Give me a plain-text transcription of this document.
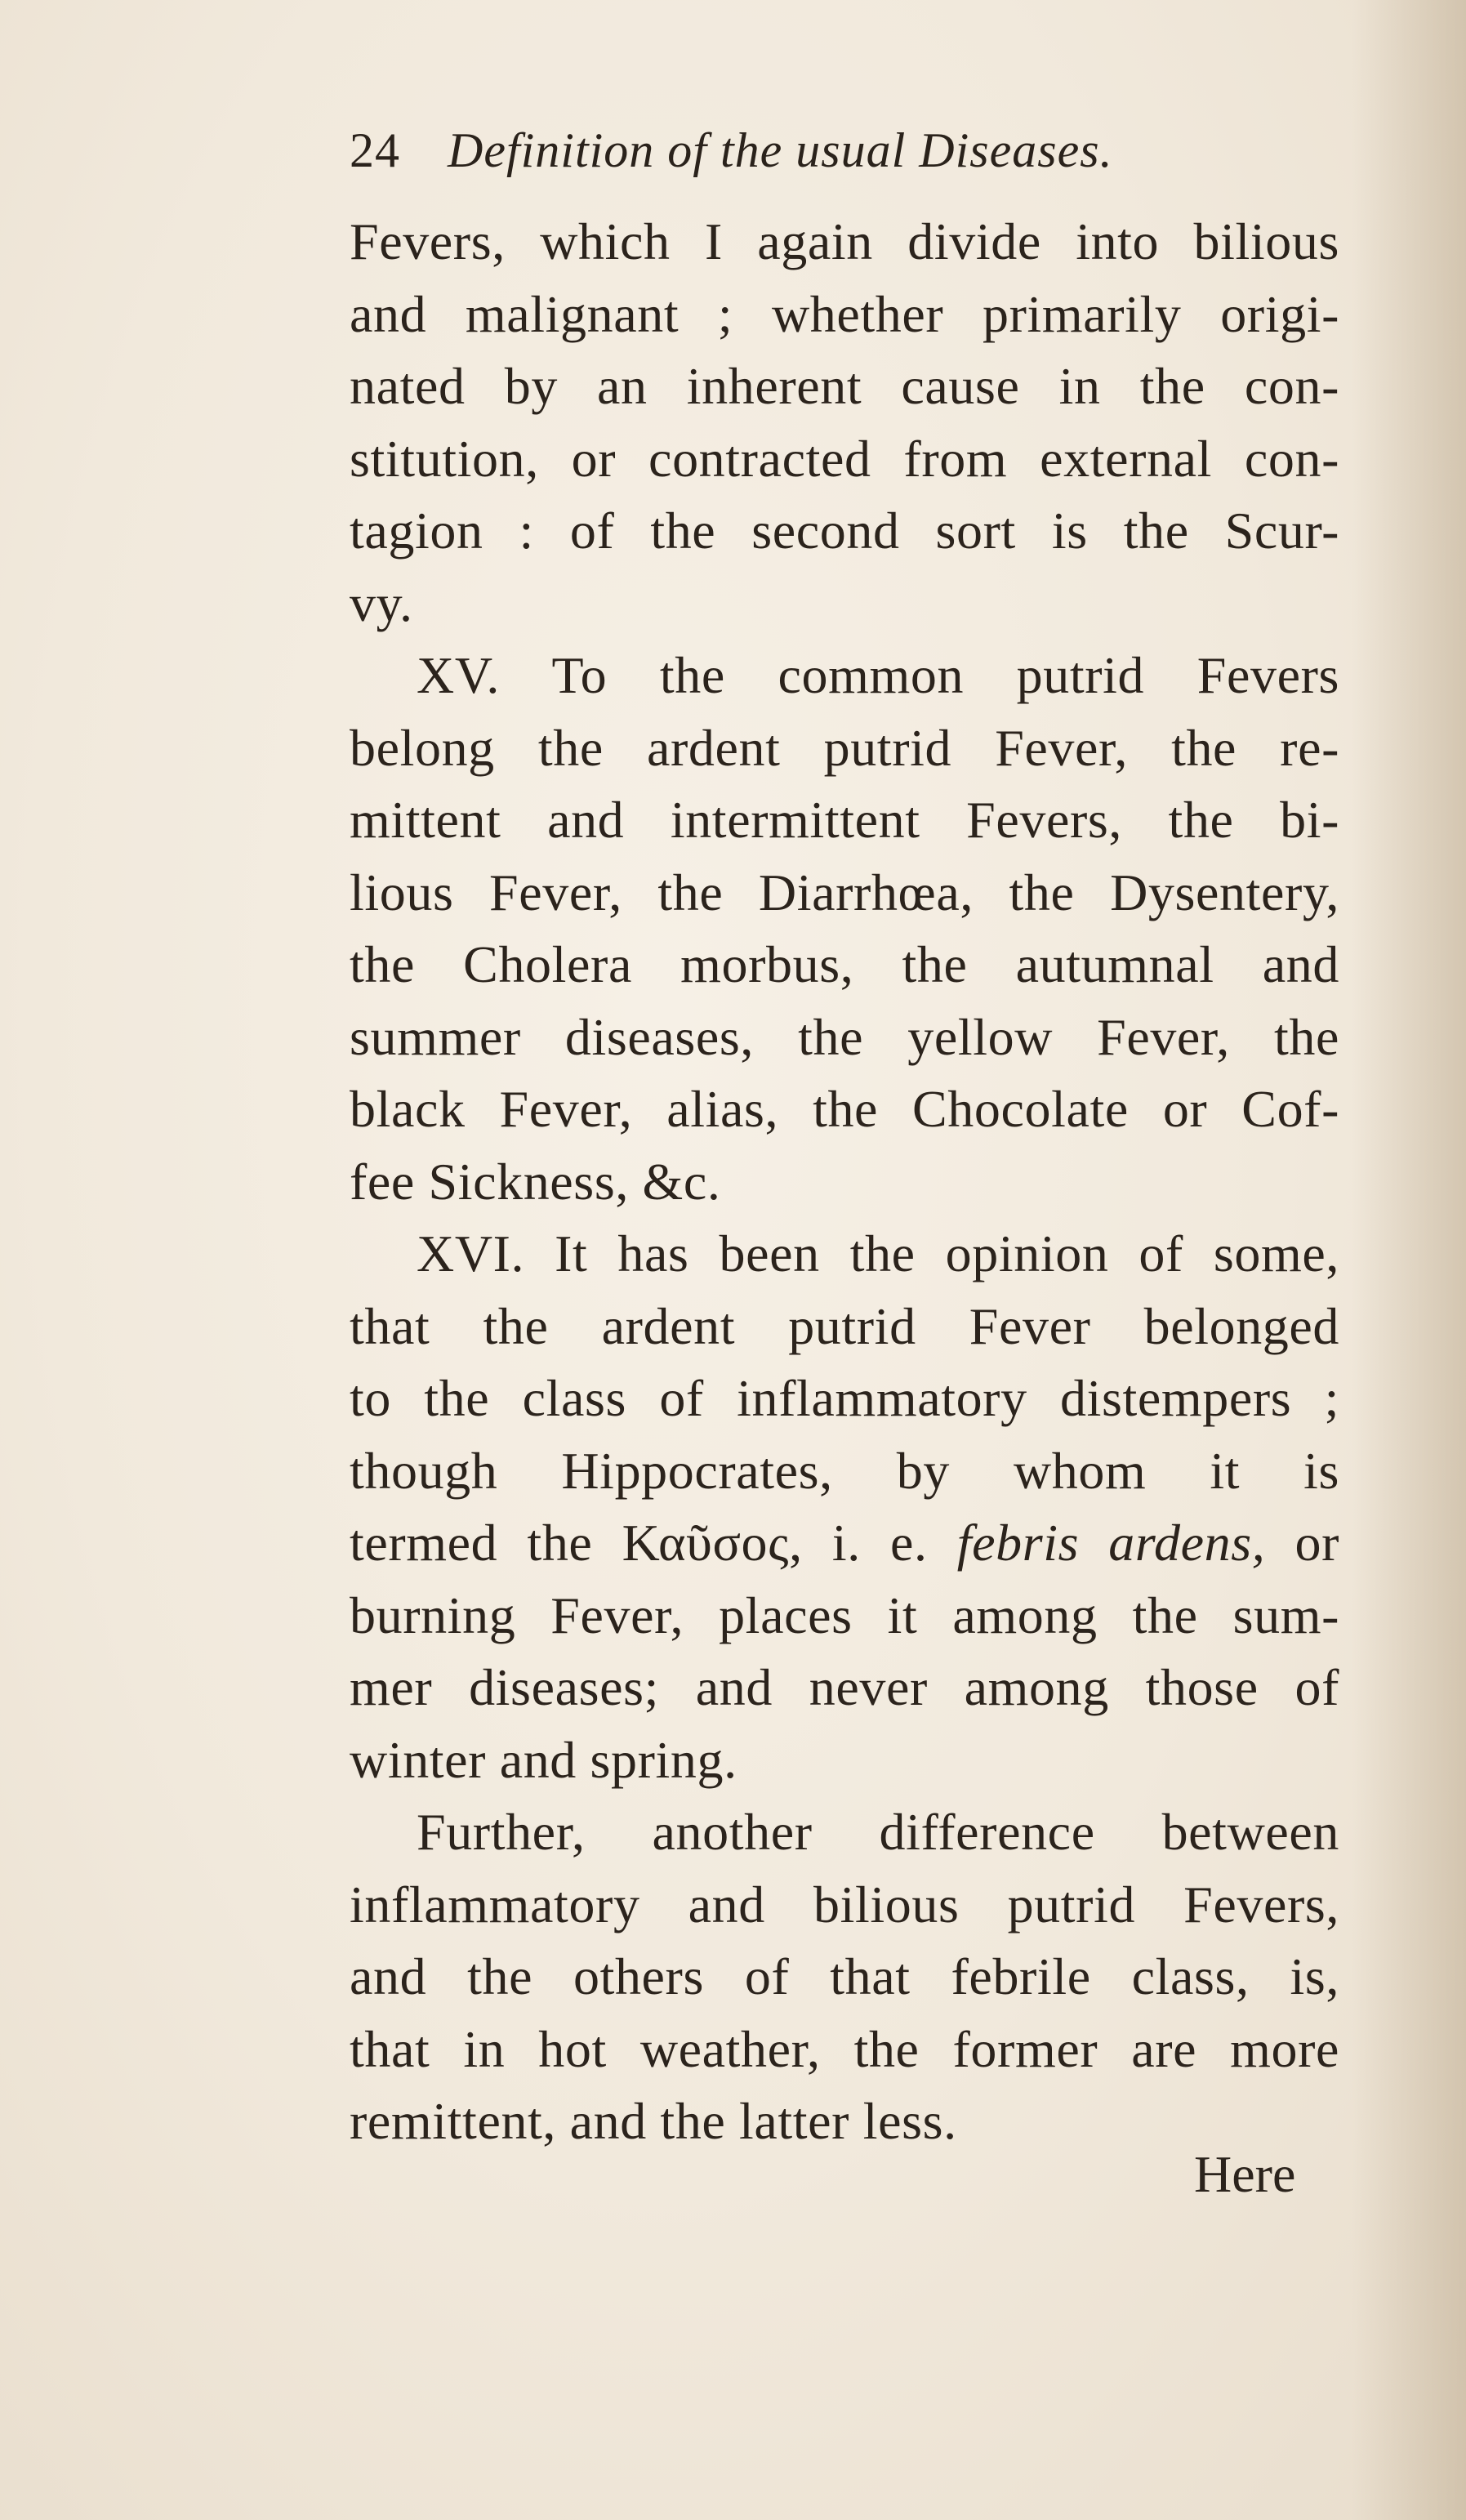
24 Definition of the usual Diseases.
Fevers, which I again divide into bilious
and malignant ; whether primarily origi-
nated by an inherent cause in the con-
stitution, or contracted from external con-
tagion : of the second sort is the Scur-
vy.
XV. To the common putrid Fevers
belong the ardent putrid Fever, the re-
mittent and intermittent Fevers, the bi-
lious Fever, the Diarrhœa, the Dysentery,
the Cholera morbus, the autumnal and
summer diseases, the yellow Fever, the
black Fever, alias, the Chocolate or Cof-
fee Sickness, &c.
XVI. It has been the opinion of some,
that the ardent putrid Fever belonged
to the class of inflammatory distempers ;
though Hippocrates, by whom it is
termed the Καῦσος, i. e. febris ardens, or
burning Fever, places it among the sum-
mer diseases; and never among those of
winter and spring.
Further, another difference between
inflammatory and bilious putrid Fevers,
and the others of that febrile class, is,
that in hot weather, the former are more
remittent, and the latter less.
Here
